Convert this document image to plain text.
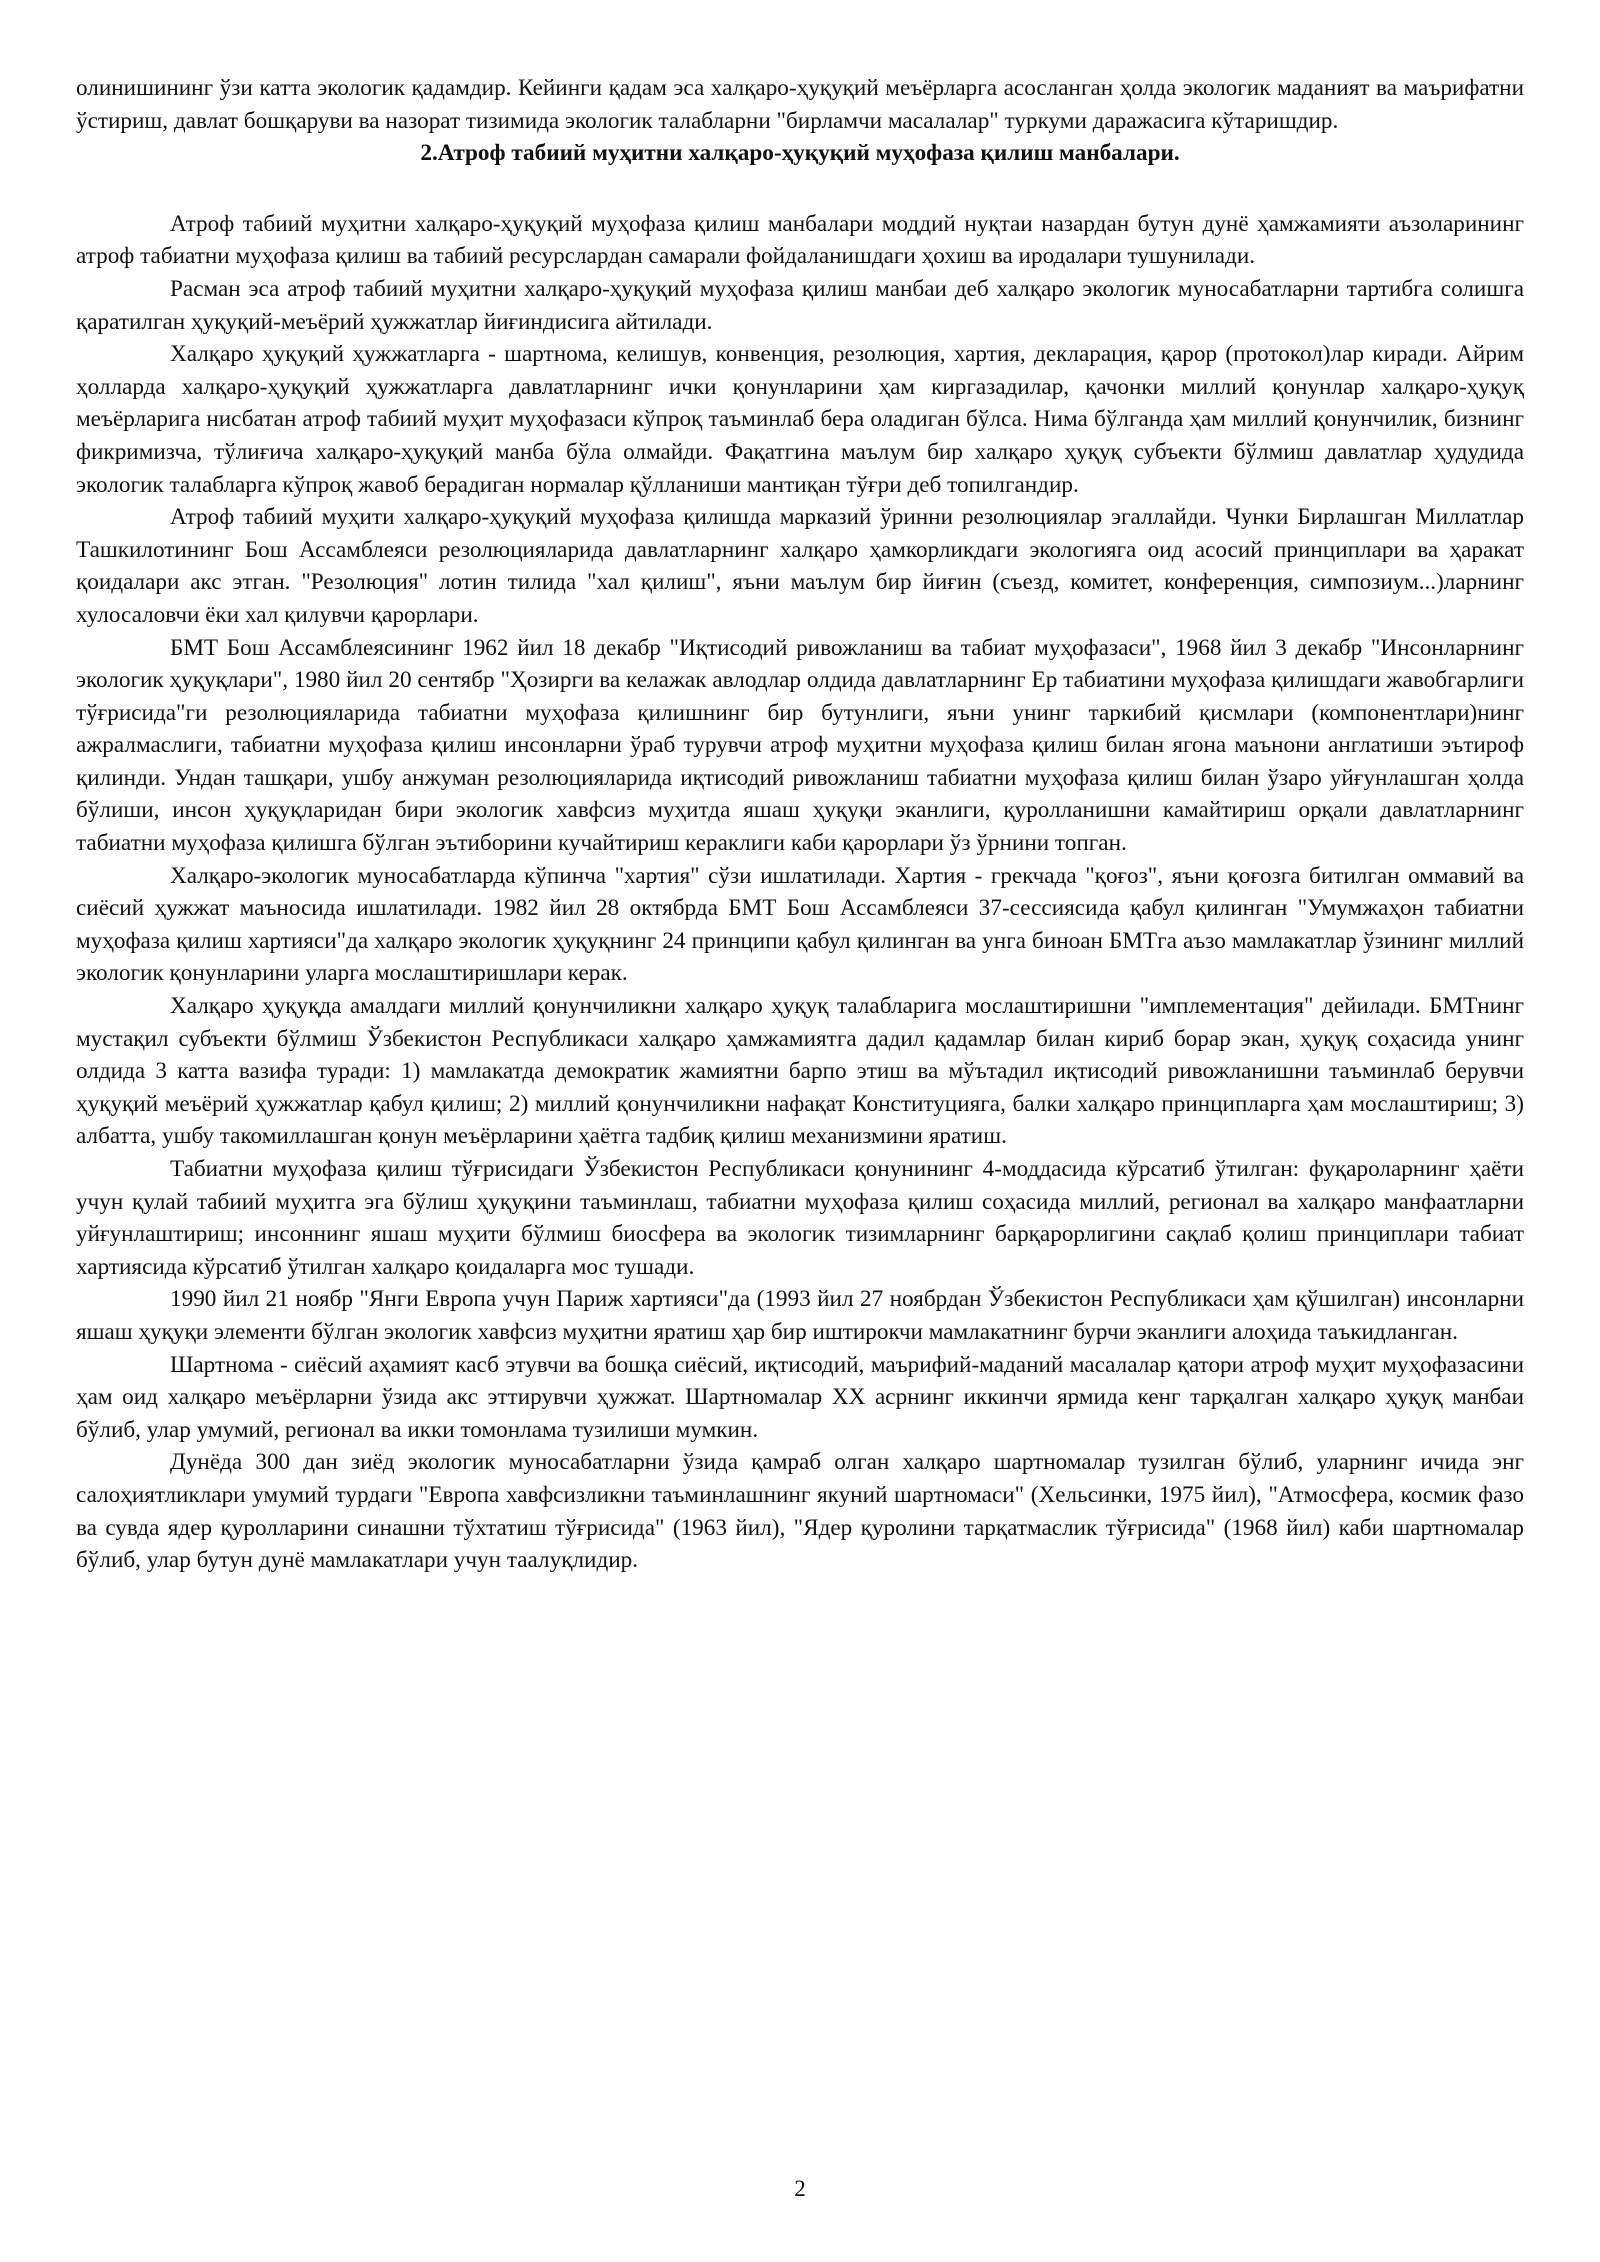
олинишининг ўзи катта экологик қадамдир. Кейинги қадам эса халқаро-ҳуқуқий меъёрларга асосланган ҳолда экологик маданият ва маърифатни ўстириш, давлат бошқаруви ва назорат тизимида экологик талабларни "бирламчи масалалар" туркуми даражасига кўтаришдир.

2.Атроф табиий муҳитни халқаро-ҳуқуқий муҳофаза қилиш манбалари.

Атроф табиий муҳитни халқаро-ҳуқуқий муҳофаза қилиш манбалари моддий нуқтаи назардан бутун дунё ҳамжамияти аъзоларининг атроф табиатни муҳофаза қилиш ва табиий ресурслардан самарали фойдаланишдаги ҳохиш ва иродалари тушунилади.

Расман эса атроф табиий муҳитни халқаро-ҳуқуқий муҳофаза қилиш манбаи деб халқаро экологик муносабатларни тартибга солишга қаратилган ҳуқуқий-меъёрий ҳужжатлар йиғиндисига айтилади.

Халқаро ҳуқуқий ҳужжатларга - шартнома, келишув, конвенция, резолюция, хартия, декларация, қарор (протокол)лар киради. Айрим ҳолларда халқаро-ҳуқуқий ҳужжатларга давлатларнинг ички қонунларини ҳам киргазадилар, қачонки миллий қонунлар халқаро-ҳуқуқ меъёрларига нисбатан атроф табиий муҳит муҳофазаси кўпроқ таъминлаб бера оладиган бўлса. Нима бўлганда ҳам миллий қонунчилик, бизнинг фикримизча, тўлиғича халқаро-ҳуқуқий манба бўла олмайди. Фақатгина маълум бир халқаро ҳуқуқ субъекти бўлмиш давлатлар ҳудудида экологик талабларга кўпроқ жавоб берадиган нормалар қўлланиши мантиқан тўғри деб топилгандир.

Атроф табиий муҳити халқаро-ҳуқуқий муҳофаза қилишда марказий ўринни резолюциялар эгаллайди. Чунки Бирлашган Миллатлар Ташкилотининг Бош Ассамблеяси резолюцияларида давлатларнинг халқаро ҳамкорликдаги экологияга оид асосий принциплари ва ҳаракат қоидалари акс этган. "Резолюция" лотин тилида "хал қилиш", яъни маълум бир йиғин (съезд, комитет, конференция, симпозиум...)ларнинг хулосаловчи ёки хал қилувчи қарорлари.

БМТ Бош Ассамблеясининг 1962 йил 18 декабр "Иқтисодий ривожланиш ва табиат муҳофазаси", 1968 йил 3 декабр "Инсонларнинг экологик ҳуқуқлари", 1980 йил 20 сентябр "Ҳозирги ва келажак авлодлар олдида давлатларнинг Ер табиатини муҳофаза қилишдаги жавобгарлиги тўғрисида"ги резолюцияларида табиатни муҳофаза қилишнинг бир бутунлиги, яъни унинг таркибий қисмлари (компонентлари)нинг ажралмаслиги, табиатни муҳофаза қилиш инсонларни ўраб турувчи атроф муҳитни муҳофаза қилиш билан ягона маънони англатиши эътироф қилинди. Ундан ташқари, ушбу анжуман резолюцияларида иқтисодий ривожланиш табиатни муҳофаза қилиш билан ўзаро уйғунлашган ҳолда бўлиши, инсон ҳуқуқларидан бири экологик хавфсиз муҳитда яшаш ҳуқуқи эканлиги, қуролланишни камайтириш орқали давлатларнинг табиатни муҳофаза қилишга бўлган эътиборини кучайтириш кераклиги каби қарорлари ўз ўрнини топган.

Халқаро-экологик муносабатларда кўпинча "хартия" сўзи ишлатилади. Хартия - грекчада "қоғоз", яъни қоғозга битилган оммавий ва сиёсий ҳужжат маъносида ишлатилади. 1982 йил 28 октябрда БМТ Бош Ассамблеяси 37-сессиясида қабул қилинган "Умумжаҳон табиатни муҳофаза қилиш хартияси"да халқаро экологик ҳуқуқнинг 24 принципи қабул қилинган ва унга биноан БМТга аъзо мамлакатлар ўзининг миллий экологик қонунларини уларга мослаштиришлари керак.

Халқаро ҳуқуқда амалдаги миллий қонунчиликни халқаро ҳуқуқ талабларига мослаштиришни "имплементация" дейилади. БМТнинг мустақил субъекти бўлмиш Ўзбекистон Республикаси халқаро ҳамжамиятга дадил қадамлар билан кириб борар экан, ҳуқуқ соҳасида унинг олдида 3 катта вазифа туради: 1) мамлакатда демократик жамиятни барпо этиш ва мўътадил иқтисодий ривожланишни таъминлаб берувчи ҳуқуқий меъёрий ҳужжатлар қабул қилиш; 2) миллий қонунчиликни нафақат Конституцияга, балки халқаро принципларга ҳам мослаштириш; 3) албатта, ушбу такомиллашган қонун меъёрларини ҳаётга тадбиқ қилиш механизмини яратиш.

Табиатни муҳофаза қилиш тўғрисидаги Ўзбекистон Республикаси қонунининг 4-моддасида кўрсатиб ўтилган: фуқароларнинг ҳаёти учун қулай табиий муҳитга эга бўлиш ҳуқуқини таъминлаш, табиатни муҳофаза қилиш соҳасида миллий, регионал ва халқаро манфаатларни уйғунлаштириш; инсоннинг яшаш муҳити бўлмиш биосфера ва экологик тизимларнинг барқарорлигини сақлаб қолиш принциплари табиат хартиясида кўрсатиб ўтилган халқаро қоидаларга мос тушади.

1990 йил 21 ноябр "Янги Европа учун Париж хартияси"да (1993 йил 27 ноябрдан Ўзбекистон Республикаси ҳам қўшилган) инсонларни яшаш ҳуқуқи элементи бўлган экологик хавфсиз муҳитни яратиш ҳар бир иштирокчи мамлакатнинг бурчи эканлиги алоҳида таъкидланган.

Шартнома - сиёсий аҳамият касб этувчи ва бошқа сиёсий, иқтисодий, маърифий-маданий масалалар қатори атроф муҳит муҳофазасини ҳам оид халқаро меъёрларни ўзида акс эттирувчи ҳужжат. Шартномалар XX асрнинг иккинчи ярмида кенг тарқалган халқаро ҳуқуқ манбаи бўлиб, улар умумий, регионал ва икки томонлама тузилиши мумкин.

Дунёда 300 дан зиёд экологик муносабатларни ўзида қамраб олган халқаро шартномалар тузилган бўлиб, уларнинг ичида энг салоҳиятликлари умумий турдаги "Европа хавфсизликни таъминлашнинг якуний шартномаси" (Хельсинки, 1975 йил), "Атмосфера, космик фазо ва сувда ядер қуролларини синашни тўхтатиш тўғрисида" (1963 йил), "Ядер қуролини тарқатмаслик тўғрисида" (1968 йил) каби шартномалар бўлиб, улар бутун дунё мамлакатлари учун таалуқлидир.

2
